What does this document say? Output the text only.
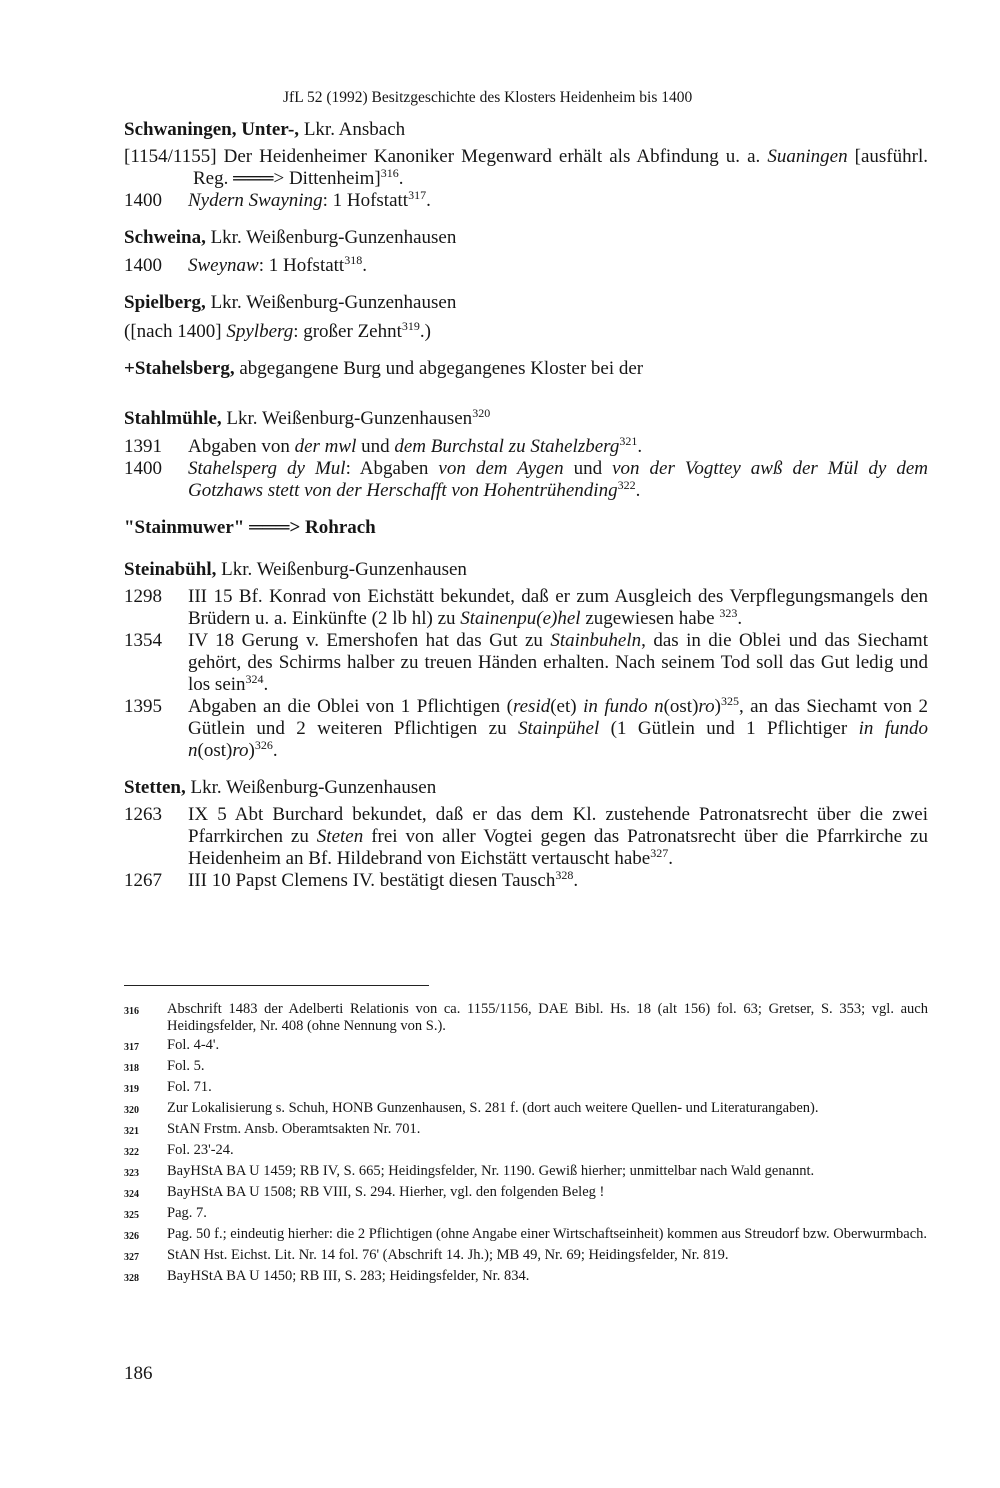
JfL 52 (1992) Besitzgeschichte des Klosters Heidenheim bis 1400

Schwaningen, Unter-, Lkr. Ansbach

[1154/1155] Der Heidenheimer Kanoniker Megenward erhält als Abfindung u. a. Suaningen [ausführl. Reg. ═══> Dittenheim]$^{316}$.

1400	Nydern Swayning: 1 Hofstatt$^{317}$.

Schweina, Lkr. Weißenburg-Gunzenhausen

1400	Sweynaw: 1 Hofstatt$^{318}$.

Spielberg, Lkr. Weißenburg-Gunzenhausen

([nach 1400] Spylberg: großer Zehnt$^{319}$.)

+Stahelsberg, abgegangene Burg und abgegangenes Kloster bei der

Stahlmühle, Lkr. Weißenburg-Gunzenhausen$^{320}$

1391	Abgaben von der mwl und dem Burchstal zu Stahelzberg$^{321}$.
1400	Stahelsperg dy Mul: Abgaben von dem Aygen und von der Vogttey awß der Mül dy dem Gotzhaws stett von der Herschafft von Hohentrühending$^{322}$.

"Stainmuwer" ═══> Rohrach

Steinabühl, Lkr. Weißenburg-Gunzenhausen

1298	III 15 Bf. Konrad von Eichstätt bekundet, daß er zum Ausgleich des Verpflegungsmangels den Brüdern u. a. Einkünfte (2 lb hl) zu Stainenpu(e)hel zugewiesen habe $^{323}$.
1354	IV 18 Gerung v. Emershofen hat das Gut zu Stainbuheln, das in die Oblei und das Siechamt gehört, des Schirms halber zu treuen Händen erhalten. Nach seinem Tod soll das Gut ledig und los sein$^{324}$.
1395	Abgaben an die Oblei von 1 Pflichtigen (resid(et) in fundo n(ost)ro)$^{325}$, an das Siechamt von 2 Gütlein und 2 weiteren Pflichtigen zu Stainpühel (1 Gütlein und 1 Pflichtiger in fundo n(ost)ro)$^{326}$.

Stetten, Lkr. Weißenburg-Gunzenhausen

1263	IX 5 Abt Burchard bekundet, daß er das dem Kl. zustehende Patronatsrecht über die zwei Pfarrkirchen zu Steten frei von aller Vogtei gegen das Patronatsrecht über die Pfarrkirche zu Heidenheim an Bf. Hildebrand von Eichstätt vertauscht habe$^{327}$.
1267	III 10 Papst Clemens IV. bestätigt diesen Tausch$^{328}$.
316	Abschrift 1483 der Adelberti Relationis von ca. 1155/1156, DAE Bibl. Hs. 18 (alt 156) fol. 63; Gretser, S. 353; vgl. auch Heidingsfelder, Nr. 408 (ohne Nennung von S.).
317	Fol. 4-4'.
318	Fol. 5.
319	Fol. 71.
320	Zur Lokalisierung s. Schuh, HONB Gunzenhausen, S. 281 f. (dort auch weitere Quellen- und Literaturangaben).
321	StAN Frstm. Ansb. Oberamtsakten Nr. 701.
322	Fol. 23'-24.
323	BayHStA BA U 1459; RB IV, S. 665; Heidingsfelder, Nr. 1190. Gewiß hierher; unmittelbar nach Wald genannt.
324	BayHStA BA U 1508; RB VIII, S. 294. Hierher, vgl. den folgenden Beleg !
325	Pag. 7.
326	Pag. 50 f.; eindeutig hierher: die 2 Pflichtigen (ohne Angabe einer Wirtschaftseinheit) kommen aus Streudorf bzw. Oberwurmbach.
327	StAN Hst. Eichst. Lit. Nr. 14 fol. 76' (Abschrift 14. Jh.); MB 49, Nr. 69; Heidingsfelder, Nr. 819.
328	BayHStA BA U 1450; RB III, S. 283; Heidingsfelder, Nr. 834.
186
